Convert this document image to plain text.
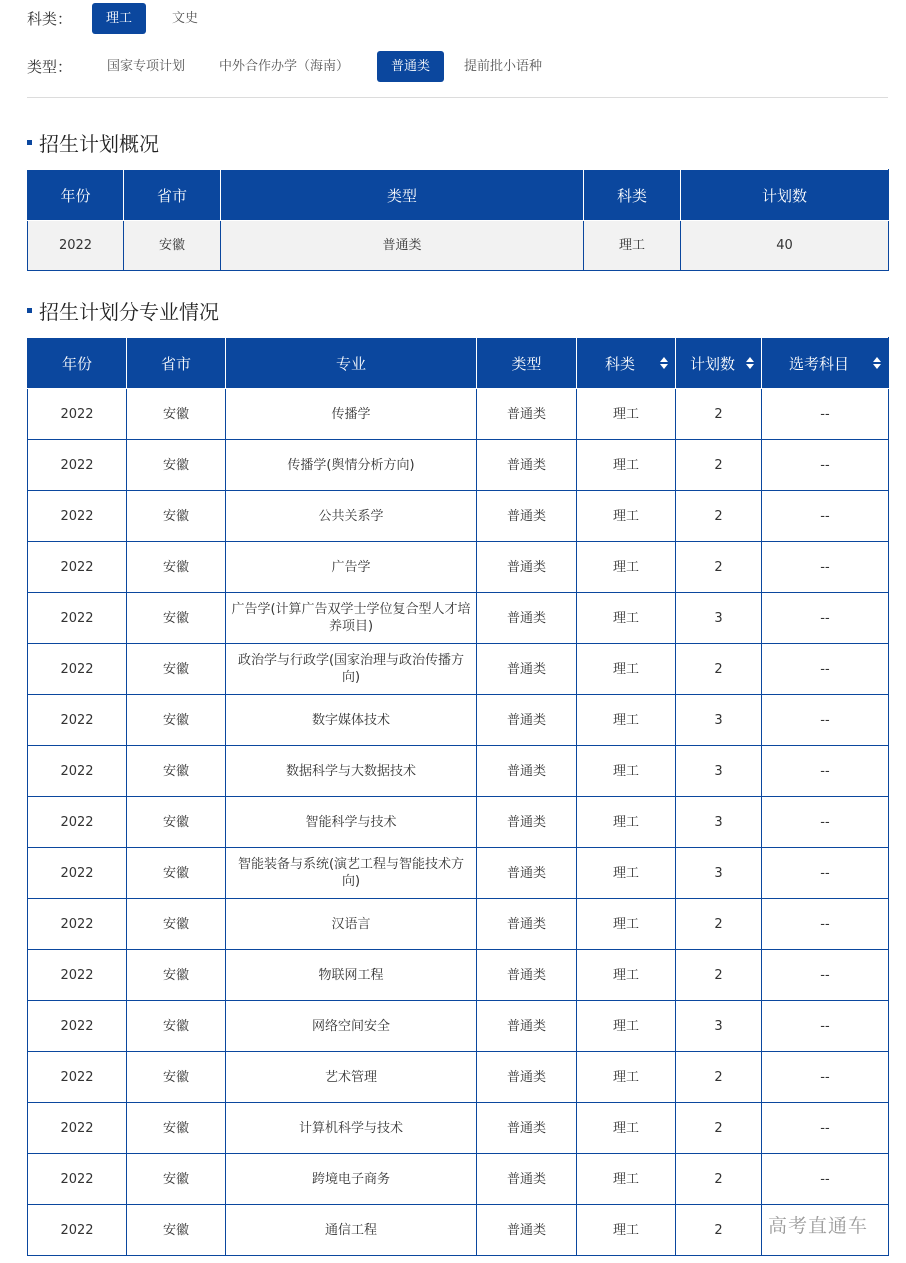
科类：	理工	文史
类型：	国家专项计划	中外合作办学（海南）	普通类	提前批小语种
招生计划概况
年份	省市	类型	科类	计划数
2022	安徽	普通类	理工	40
招生计划分专业情况
年份	省市	专业	类型	科类	计划数	选考科目

2022	安徽	传播学	普通类	理工	2	--
2022	安徽	传播学(舆情分析方向)	普通类	理工	2	--
2022	安徽	公共关系学	普通类	理工	2	--
2022	安徽	广告学	普通类	理工	2	--
2022	安徽	广告学(计算广告双学士学位复合型人才培养项目)	普通类	理工	3	--
2022	安徽	政治学与行政学(国家治理与政治传播方向)	普通类	理工	2	--
2022	安徽	数字媒体技术	普通类	理工	3	--
2022	安徽	数据科学与大数据技术	普通类	理工	3	--
2022	安徽	智能科学与技术	普通类	理工	3	--
2022	安徽	智能装备与系统(演艺工程与智能技术方向)	普通类	理工	3	--
2022	安徽	汉语言	普通类	理工	2	--
2022	安徽	物联网工程	普通类	理工	2	--
2022	安徽	网络空间安全	普通类	理工	3	--
2022	安徽	艺术管理	普通类	理工	2	--
2022	安徽	计算机科学与技术	普通类	理工	2	--
2022	安徽	跨境电子商务	普通类	理工	2	--
2022	安徽	通信工程	普通类	理工	2	高考直通车
